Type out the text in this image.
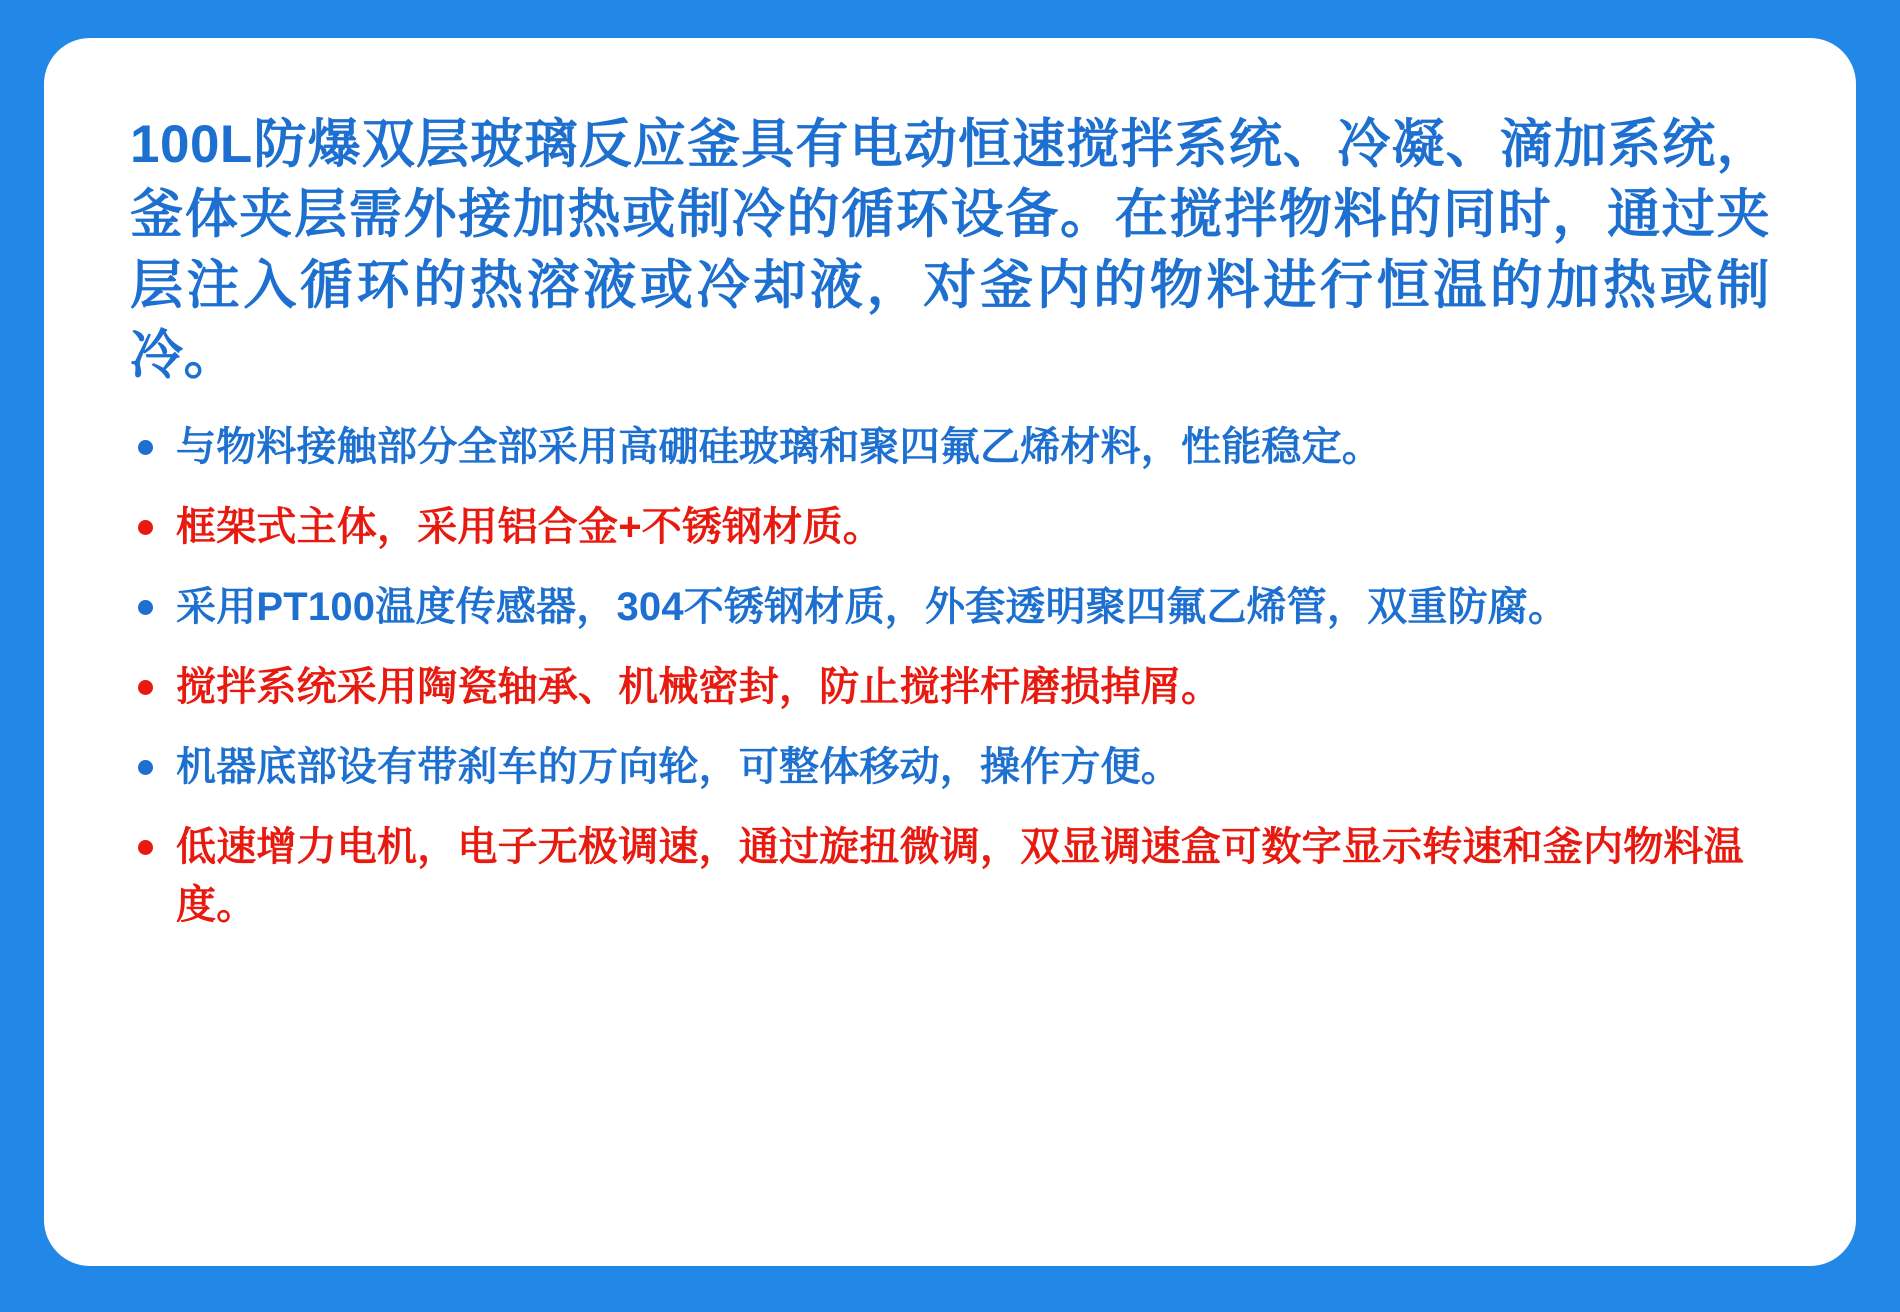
100L防爆双层玻璃反应釜具有电动恒速搅拌系统、冷凝、滴加系统，釜体夹层需外接加热或制冷的循环设备。在搅拌物料的同时，通过夹层注入循环的热溶液或冷却液，对釜内的物料进行恒温的加热或制冷。

与物料接触部分全部采用高硼硅玻璃和聚四氟乙烯材料，性能稳定。
框架式主体，采用铝合金+不锈钢材质。
采用PT100温度传感器，304不锈钢材质，外套透明聚四氟乙烯管，双重防腐。
搅拌系统采用陶瓷轴承、机械密封，防止搅拌杆磨损掉屑。
机器底部设有带刹车的万向轮，可整体移动，操作方便。
低速增力电机，电子无极调速，通过旋扭微调，双显调速盒可数字显示转速和釜内物料温度。
